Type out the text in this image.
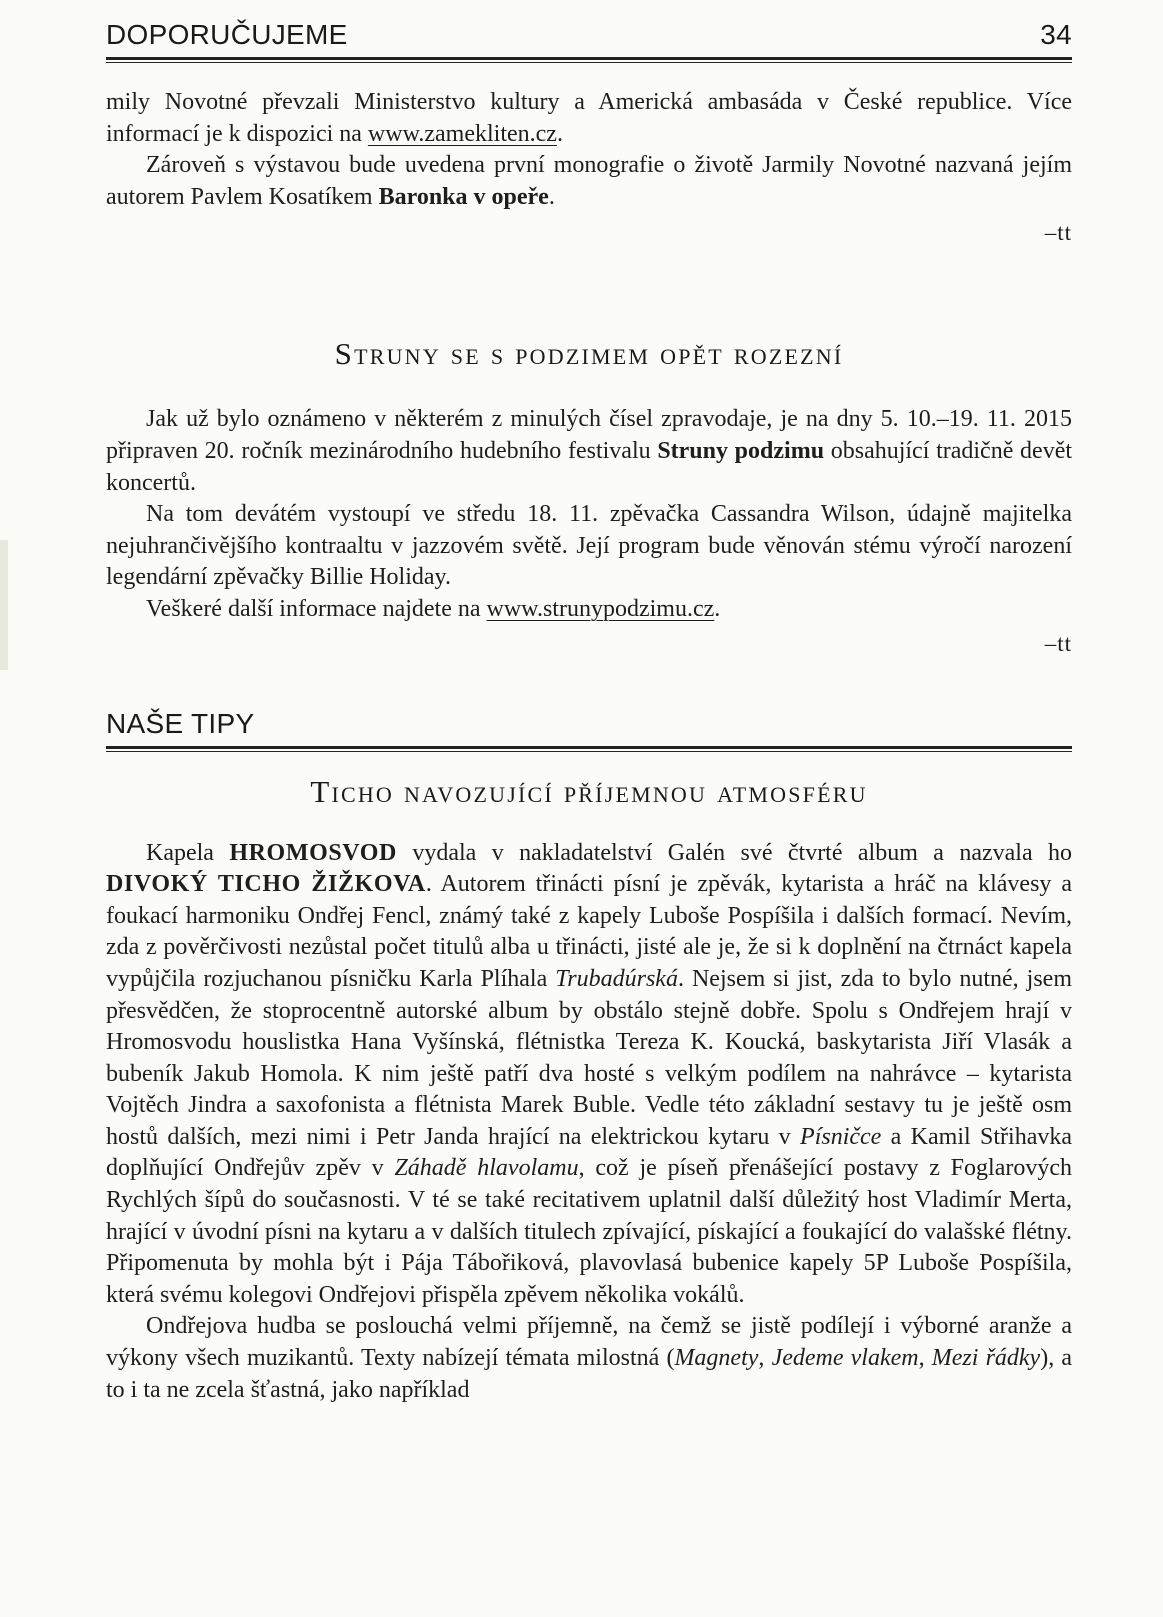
DOPORUČUJEME	34

mily Novotné převzali Ministerstvo kultury a Americká ambasáda v České republice. Více informací je k dispozici na www.zamekliten.cz.

Zároveň s výstavou bude uvedena první monografie o životě Jarmily Novotné nazvaná jejím autorem Pavlem Kosatíkem Baronka v opeře.

–tt
Struny se s podzimem opět rozezní

Jak už bylo oznámeno v některém z minulých čísel zpravodaje, je na dny 5. 10.–19. 11. 2015 připraven 20. ročník mezinárodního hudebního festivalu Struny podzimu obsahující tradičně devět koncertů.

Na tom devátém vystoupí ve středu 18. 11. zpěvačka Cassandra Wilson, údajně majitelka nejuhrančivějšího kontraaltu v jazzovém světě. Její program bude věnován stému výročí narození legendární zpěvačky Billie Holiday.

Veškeré další informace najdete na www.strunypodzimu.cz.

–tt
NAŠE TIPY
Ticho navozující příjemnou atmosféru

Kapela HROMOSVOD vydala v nakladatelství Galén své čtvrté album a nazvala ho DIVOKÝ TICHO ŽIŽKOVA. Autorem třinácti písní je zpěvák, kytarista a hráč na klávesy a foukací harmoniku Ondřej Fencl, známý také z kapely Luboše Pospíšila i dalších formací. Nevím, zda z pověrčivosti nezůstal počet titulů alba u třinácti, jisté ale je, že si k doplnění na čtrnáct kapela vypůjčila rozjuchanou písničku Karla Plíhala Trubadúrská. Nejsem si jist, zda to bylo nutné, jsem přesvědčen, že stoprocentně autorské album by obstálo stejně dobře. Spolu s Ondřejem hrají v Hromosvodu houslistka Hana Vyšínská, flétnistka Tereza K. Koucká, baskytarista Jiří Vlasák a bubeník Jakub Homola. K nim ještě patří dva hosté s velkým podílem na nahrávce – kytarista Vojtěch Jindra a saxofonista a flétnista Marek Buble. Vedle této základní sestavy tu je ještě osm hostů dalších, mezi nimi i Petr Janda hrající na elektrickou kytaru v Písničce a Kamil Střihavka doplňující Ondřejův zpěv v Záhadě hlavolamu, což je píseň přenášející postavy z Foglarových Rychlých šípů do současnosti. V té se také recitativem uplatnil další důležitý host Vladimír Merta, hrající v úvodní písni na kytaru a v dalších titulech zpívající, pískající a foukající do valašské flétny. Připomenuta by mohla být i Pája Tábořiková, plavovlasá bubenice kapely 5P Luboše Pospíšila, která svému kolegovi Ondřejovi přispěla zpěvem několika vokálů.

Ondřejova hudba se poslouchá velmi příjemně, na čemž se jistě podílejí i výborné aranže a výkony všech muzikantů. Texty nabízejí témata milostná (Magnety, Jedeme vlakem, Mezi řádky), a to i ta ne zcela šťastná, jako například
